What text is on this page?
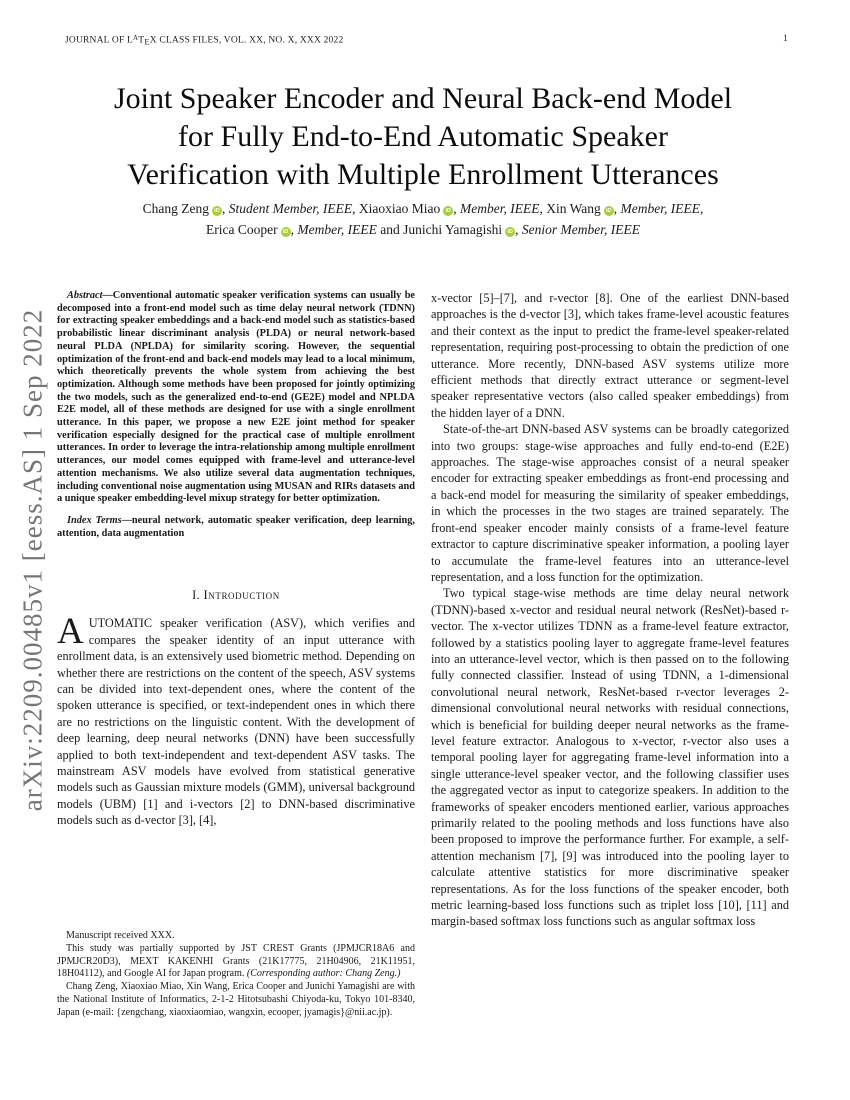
JOURNAL OF $L^ATEX$ CLASS FILES, VOL. XX, NO. X, XXX 2022	1
arXiv:2209.00485v1 [eess.AS] 1 Sep 2022
Joint Speaker Encoder and Neural Back-end Model
for Fully End-to-End Automatic Speaker
Verification with Multiple Enrollment Utterances
Chang Zeng iD , Student Member, IEEE, Xiaoxiao Miao iD , Member, IEEE, Xin Wang iD , Member, IEEE,
Erica Cooper iD , Member, IEEE and Junichi Yamagishi iD , Senior Member, IEEE

Abstract—Conventional automatic speaker verification systems can usually be decomposed into a front-end model such as time delay neural network (TDNN) for extracting speaker embeddings and a back-end model such as statistics-based probabilistic linear discriminant analysis (PLDA) or neural network-based neural PLDA (NPLDA) for similarity scoring. However, the sequential optimization of the front-end and back-end models may lead to a local minimum, which theoretically prevents the whole system from achieving the best optimization. Although some methods have been proposed for jointly optimizing the two models, such as the generalized end-to-end (GE2E) model and NPLDA E2E model, all of these methods are designed for use with a single enrollment utterance. In this paper, we propose a new E2E joint method for speaker verification especially designed for the practical case of multiple enrollment utterances. In order to leverage the intra-relationship among multiple enrollment utterances, our model comes equipped with frame-level and utterance-level attention mechanisms. We also utilize several data augmentation techniques, including conventional noise augmentation using MUSAN and RIRs datasets and a unique speaker embedding-level mixup strategy for better optimization.

Index Terms—neural network, automatic speaker verification, deep learning, attention, data augmentation

I. Introduction

AUTOMATIC speaker verification (ASV), which verifies and compares the speaker identity of an input utterance with enrollment data, is an extensively used biometric method. Depending on whether there are restrictions on the content of the speech, ASV systems can be divided into text-dependent ones, where the content of the spoken utterance is specified, or text-independent ones in which there are no restrictions on the linguistic content. With the development of deep learning, deep neural networks (DNN) have been successfully applied to both text-independent and text-dependent ASV tasks. The mainstream ASV models have evolved from statistical generative models such as Gaussian mixture models (GMM), universal background models (UBM) [1] and i-vectors [2] to DNN-based discriminative models such as d-vector [3], [4],

Manuscript received XXX.

This study was partially supported by JST CREST Grants (JPMJCR18A6 and JPMJCR20D3), MEXT KAKENHI Grants (21K17775, 21H04906, 21K11951, 18H04112), and Google AI for Japan program. (Corresponding author: Chang Zeng.)

Chang Zeng, Xiaoxiao Miao, Xin Wang, Erica Cooper and Junichi Yamagishi are with the National Institute of Informatics, 2-1-2 Hitotsubashi Chiyoda-ku, Tokyo 101-8340, Japan (e-mail: {zengchang, xiaoxiaomiao, wangxin, ecooper, jyamagis}@nii.ac.jp).

x-vector [5]–[7], and r-vector [8]. One of the earliest DNN-based approaches is the d-vector [3], which takes frame-level acoustic features and their context as the input to predict the frame-level speaker-related representation, requiring post-processing to obtain the prediction of one utterance. More recently, DNN-based ASV systems utilize more efficient methods that directly extract utterance or segment-level speaker representative vectors (also called speaker embeddings) from the hidden layer of a DNN.

State-of-the-art DNN-based ASV systems can be broadly categorized into two groups: stage-wise approaches and fully end-to-end (E2E) approaches. The stage-wise approaches consist of a neural speaker encoder for extracting speaker embeddings as front-end processing and a back-end model for measuring the similarity of speaker embeddings, in which the processes in the two stages are trained separately. The front-end speaker encoder mainly consists of a frame-level feature extractor to capture discriminative speaker information, a pooling layer to accumulate the frame-level features into an utterance-level representation, and a loss function for the optimization.

Two typical stage-wise methods are time delay neural network (TDNN)-based x-vector and residual neural network (ResNet)-based r-vector. The x-vector utilizes TDNN as a frame-level feature extractor, followed by a statistics pooling layer to aggregate frame-level features into an utterance-level vector, which is then passed on to the following fully connected classifier. Instead of using TDNN, a 1-dimensional convolutional neural network, ResNet-based r-vector leverages 2-dimensional convolutional neural networks with residual connections, which is beneficial for building deeper neural networks as the frame-level feature extractor. Analogous to x-vector, r-vector also uses a temporal pooling layer for aggregating frame-level information into a single utterance-level speaker vector, and the following classifier uses the aggregated vector as input to categorize speakers. In addition to the frameworks of speaker encoders mentioned earlier, various approaches primarily related to the pooling methods and loss functions have also been proposed to improve the performance further. For example, a self-attention mechanism [7], [9] was introduced into the pooling layer to calculate attentive statistics for more discriminative speaker representations. As for the loss functions of the speaker encoder, both metric learning-based loss functions such as triplet loss [10], [11] and margin-based softmax loss functions such as angular softmax loss
